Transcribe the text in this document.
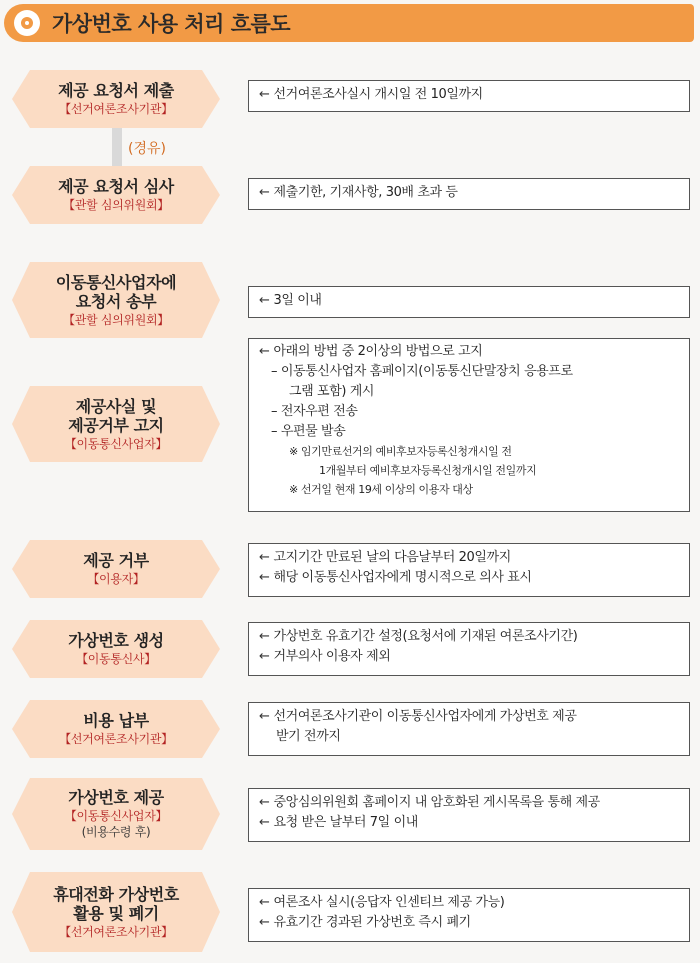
가상번호 사용 처리 흐름도
(경유)
제공 요청서 제출
【선거여론조사기관】
← 선거여론조사실시 개시일 전 10일까지
제공 요청서 심사
【관할 심의위원회】
← 제출기한, 기재사항, 30배 초과 등
이동통신사업자에
요청서 송부
【관할 심의위원회】
← 3일 이내
제공사실 및
제공거부 고지
【이동통신사업자】
← 아래의 방법 중 2이상의 방법으로 고지
– 이동통신사업자 홈페이지(이동통신단말장치 응용프로
그램 포함) 게시
– 전자우편 전송
– 우편물 발송
※ 임기만료선거의 예비후보자등록신청개시일 전
1개월부터 예비후보자등록신청개시일 전일까지
※ 선거일 현재 19세 이상의 이용자 대상
제공 거부
【이용자】
← 고지기간 만료된 날의 다음날부터 20일까지
← 해당 이동통신사업자에게 명시적으로 의사 표시
가상번호 생성
【이동통신사】
← 가상번호 유효기간 설정(요청서에 기재된 여론조사기간)
← 거부의사 이용자 제외
비용 납부
【선거여론조사기관】
← 선거여론조사기관이 이동통신사업자에게 가상번호 제공
받기 전까지
가상번호 제공
【이동통신사업자】
(비용수령 후)
← 중앙심의위원회 홈페이지 내 암호화된 게시목록을 통해 제공
← 요청 받은 날부터 7일 이내
휴대전화 가상번호
활용 및 폐기
【선거여론조사기관】
← 여론조사 실시(응답자 인센티브 제공 가능)
← 유효기간 경과된 가상번호 즉시 폐기
